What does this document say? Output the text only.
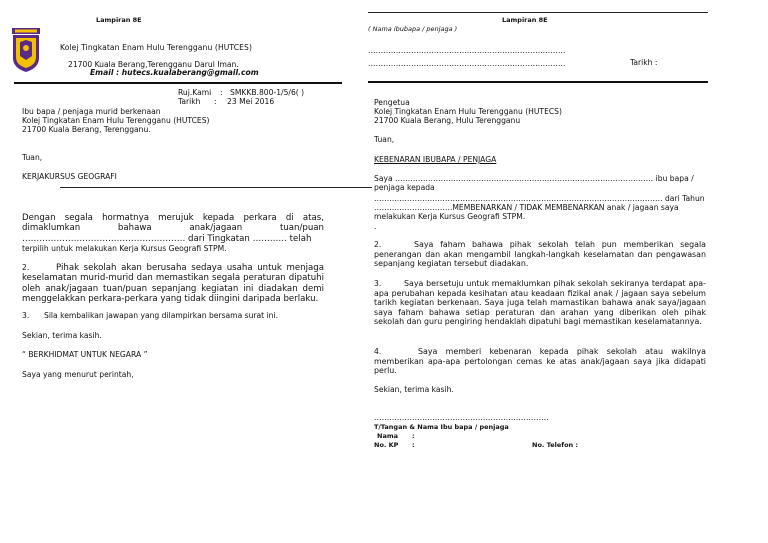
Lampiran 8E
Kolej Tingkatan Enam Hulu Terengganu (HUTCES)
21700 Kuala Berang,Terengganu Darul Iman.
Email : hutecs.kualaberang@gmail.com
Ruj.Kami : SMKKB.800-1/5/6( )
Tarikh : 23 Mei 2016
Ibu bapa / penjaga murid berkenaan
Kolej Tingkatan Enam Hulu Terengganu (HUTCES)
21700 Kuala Berang, Terengganu.
Tuan,
KERJAKURSUS GEOGRAFI
Dengan segala hormatnya merujuk kepada perkara di atas, dimaklumkan bahawa anak/jagaan tuan/puan ………………………………………………… dari Tingkatan ………… telah
terpilih untuk melakukan Kerja Kursus Geografi STPM.
Pihak sekolah akan berusaha sedaya usaha untuk menjaga keselamatan murid-murid dan memastikan segala peraturan dipatuhi oleh anak/jagaan tuan/puan sepanjang kegiatan ini diadakan demi menggelakkan perkara-perkara yang tidak diingini daripada berlaku.
2.
3. Sila kembalikan jawapan yang dilampirkan bersama surat ini.
Sekian, terima kasih.
“ BERKHIDMAT UNTUK NEGARA ”
Saya yang menurut perintah,
Lampiran 8E
( Nama ibubapa / penjaga )
……………………………………………………………………
……………………………………………………………………	Tarikh :
Pengetua
Kolej Tingkatan Enam Hulu Terengganu (HUTECS)
21700 Kuala Berang, Hulu Terengganu
Tuan,
KEBENARAN IBUBAPA / PENJAGA
Saya ………………………………………………………………………………………… ibu bapa /
penjaga kepada
…………………………………………………………………………………………………… dari Tahun
………………………….MEMBENARKAN / TIDAK MEMBENARKAN anak / jagaan saya
melakukan Kerja Kursus Geografi STPM.
.
2.	Saya faham bahawa pihak sekolah telah pun memberikan segala penerangan dan akan mengambil langkah-langkah keselamatan dan pengawasan sepanjang kegiatan tersebut diadakan.
3.	Saya bersetuju untuk memaklumkan pihak sekolah sekiranya terdapat apa-apa perubahan kepada kesihatan atau keadaan fizikal anak / jagaan saya sebelum tarikh kegiatan berkenaan. Saya juga telah mamastikan bahawa anak saya/jagaan saya faham bahawa setiap peraturan dan arahan yang diberikan oleh pihak sekolah dan guru pengiring hendaklah dipatuhi bagi memastikan keselamatannya.
4.	Saya memberi kebenaran kepada pihak sekolah atau wakilnya memberikan apa-apa pertolongan cemas ke atas anak/jagaan saya jika didapati perlu.
Sekian, terima kasih.
……………………………………………………………
T/Tangan & Nama Ibu bapa / penjaga
Nama :
No. KP :	No. Telefon :
